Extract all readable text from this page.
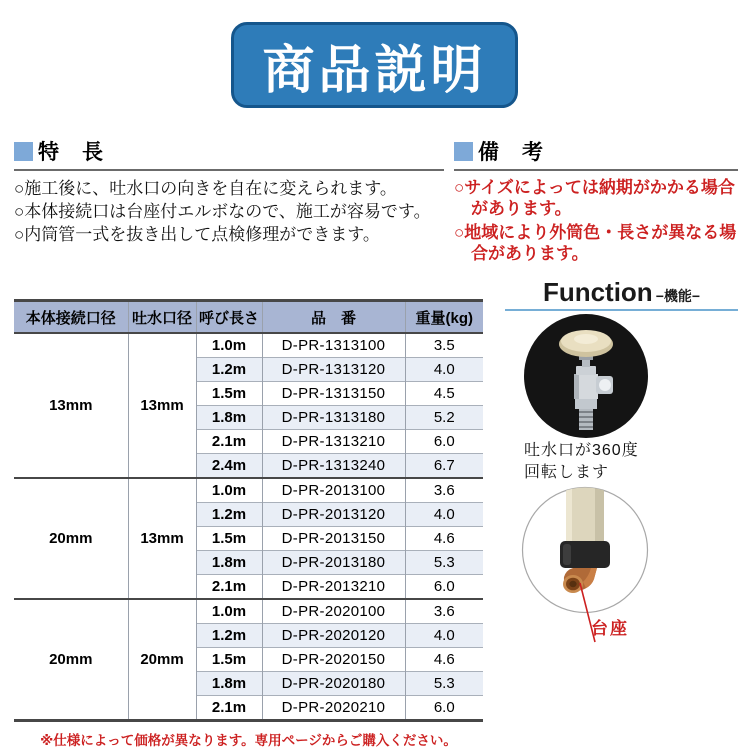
商品説明
特　長
○施工後に、吐水口の向きを自在に変えられます。
○本体接続口は台座付エルボなので、施工が容易です。
○内筒管一式を抜き出して点検修理ができます。
備　考
○サイズによっては納期がかかる場合があります。
○地域により外筒色・長さが異なる場合があります。
本体接続口径	吐水口径	呼び長さ	品　番	重量(kg)
13mm	13mm	1.0m	D-PR-1313100	3.5
		1.2m	D-PR-1313120	4.0
		1.5m	D-PR-1313150	4.5
		1.8m	D-PR-1313180	5.2
		2.1m	D-PR-1313210	6.0
		2.4m	D-PR-1313240	6.7
20mm	13mm	1.0m	D-PR-2013100	3.6
		1.2m	D-PR-2013120	4.0
		1.5m	D-PR-2013150	4.6
		1.8m	D-PR-2013180	5.3
		2.1m	D-PR-2013210	6.0
20mm	20mm	1.0m	D-PR-2020100	3.6
		1.2m	D-PR-2020120	4.0
		1.5m	D-PR-2020150	4.6
		1.8m	D-PR-2020180	5.3
		2.1m	D-PR-2020210	6.0
※仕様によって価格が異なります。専用ページからご購入ください。
Function −機能−
吐水口が360度
回転します
台座
